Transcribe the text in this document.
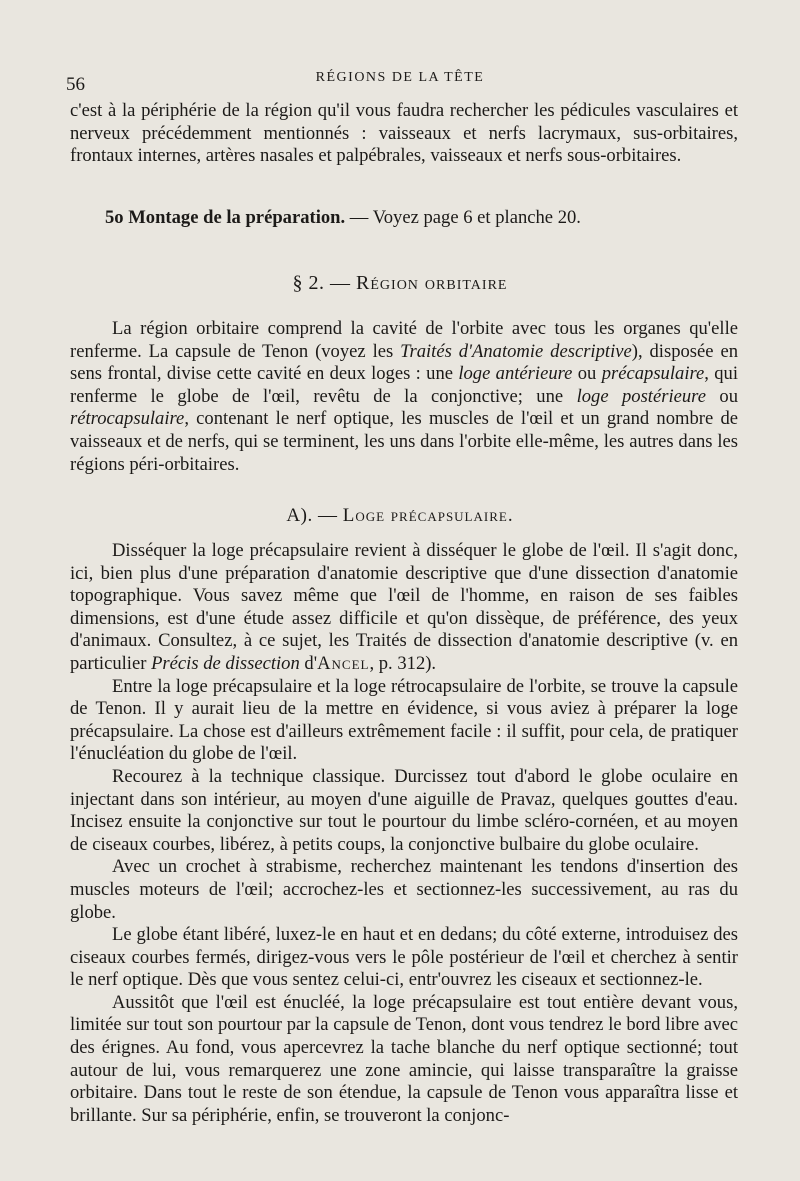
56	RÉGIONS DE LA TÊTE

c'est à la périphérie de la région qu'il vous faudra rechercher les pédicules vasculaires et nerveux précédemment mentionnés : vaisseaux et nerfs lacrymaux, sus-orbitaires, frontaux internes, artères nasales et palpébrales, vaisseaux et nerfs sous-orbitaires.

5o Montage de la préparation. — Voyez page 6 et planche 20.
§ 2. — Région orbitaire

La région orbitaire comprend la cavité de l'orbite avec tous les organes qu'elle renferme. La capsule de Tenon (voyez les Traités d'Anatomie descriptive), disposée en sens frontal, divise cette cavité en deux loges : une loge antérieure ou précapsulaire, qui renferme le globe de l'œil, revêtu de la conjonctive; une loge postérieure ou rétrocapsulaire, contenant le nerf optique, les muscles de l'œil et un grand nombre de vaisseaux et de nerfs, qui se terminent, les uns dans l'orbite elle-même, les autres dans les régions péri-orbitaires.

A). — Loge précapsulaire.

Disséquer la loge précapsulaire revient à disséquer le globe de l'œil. Il s'agit donc, ici, bien plus d'une préparation d'anatomie descriptive que d'une dissection d'anatomie topographique. Vous savez même que l'œil de l'homme, en raison de ses faibles dimensions, est d'une étude assez difficile et qu'on dissèque, de préférence, des yeux d'animaux. Consultez, à ce sujet, les Traités de dissection d'anatomie descriptive (v. en particulier Précis de dissection d'Ancel, p. 312).

Entre la loge précapsulaire et la loge rétrocapsulaire de l'orbite, se trouve la capsule de Tenon. Il y aurait lieu de la mettre en évidence, si vous aviez à préparer la loge précapsulaire. La chose est d'ailleurs extrêmement facile : il suffit, pour cela, de pratiquer l'énucléation du globe de l'œil.

Recourez à la technique classique. Durcissez tout d'abord le globe oculaire en injectant dans son intérieur, au moyen d'une aiguille de Pravaz, quelques gouttes d'eau. Incisez ensuite la conjonctive sur tout le pourtour du limbe scléro-cornéen, et au moyen de ciseaux courbes, libérez, à petits coups, la conjonctive bulbaire du globe oculaire.

Avec un crochet à strabisme, recherchez maintenant les tendons d'insertion des muscles moteurs de l'œil; accrochez-les et sectionnez-les successivement, au ras du globe.

Le globe étant libéré, luxez-le en haut et en dedans; du côté externe, introduisez des ciseaux courbes fermés, dirigez-vous vers le pôle postérieur de l'œil et cherchez à sentir le nerf optique. Dès que vous sentez celui-ci, entr'ouvrez les ciseaux et sectionnez-le.

Aussitôt que l'œil est énucléé, la loge précapsulaire est tout entière devant vous, limitée sur tout son pourtour par la capsule de Tenon, dont vous tendrez le bord libre avec des érignes. Au fond, vous apercevrez la tache blanche du nerf optique sectionné; tout autour de lui, vous remarquerez une zone amincie, qui laisse transparaître la graisse orbitaire. Dans tout le reste de son étendue, la capsule de Tenon vous apparaîtra lisse et brillante. Sur sa périphérie, enfin, se trouveront la conjonc-
